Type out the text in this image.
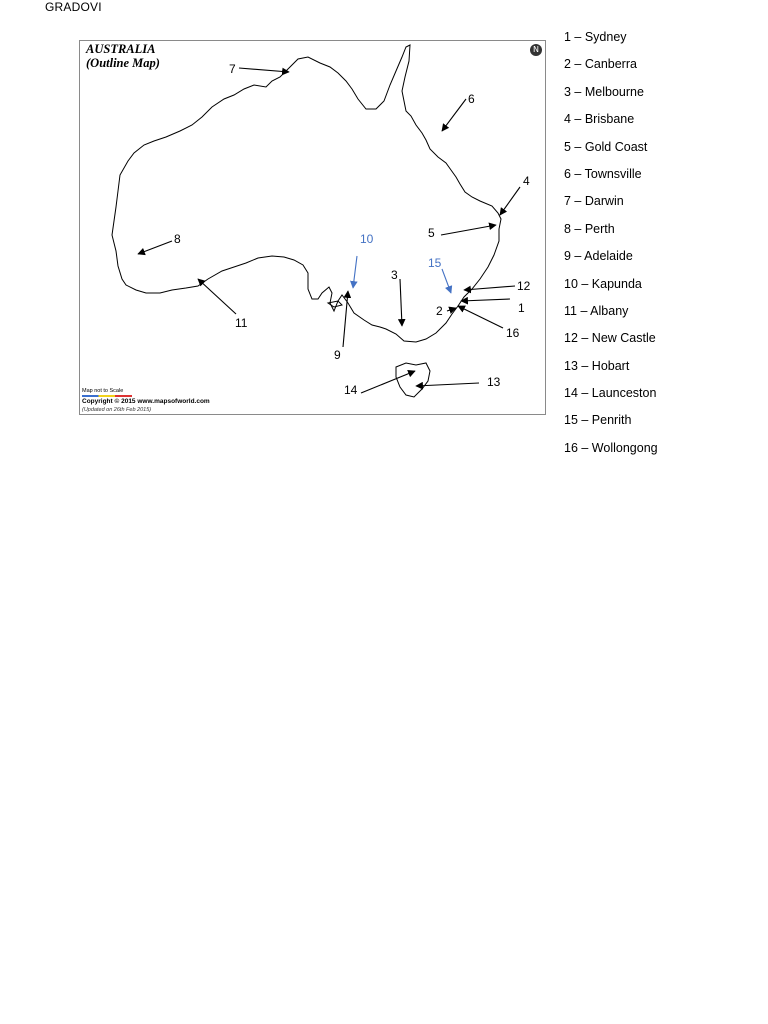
GRADOVI
AUSTRALIA
(Outline Map)
N
1
2
3
4
5
6
7
8
9
11
12
13
14
16
10
15
Map not to Scale
Copyright © 2015 www.mapsofworld.com
(Updated on 26th Feb 2015)
1 – Sydney
2 – Canberra
3 – Melbourne
4 – Brisbane
5 – Gold Coast
6 – Townsville
7 – Darwin
8 – Perth
9 – Adelaide
10 – Kapunda
11 – Albany
12 – New Castle
13 – Hobart
14 – Launceston
15 – Penrith
16 – Wollongong
